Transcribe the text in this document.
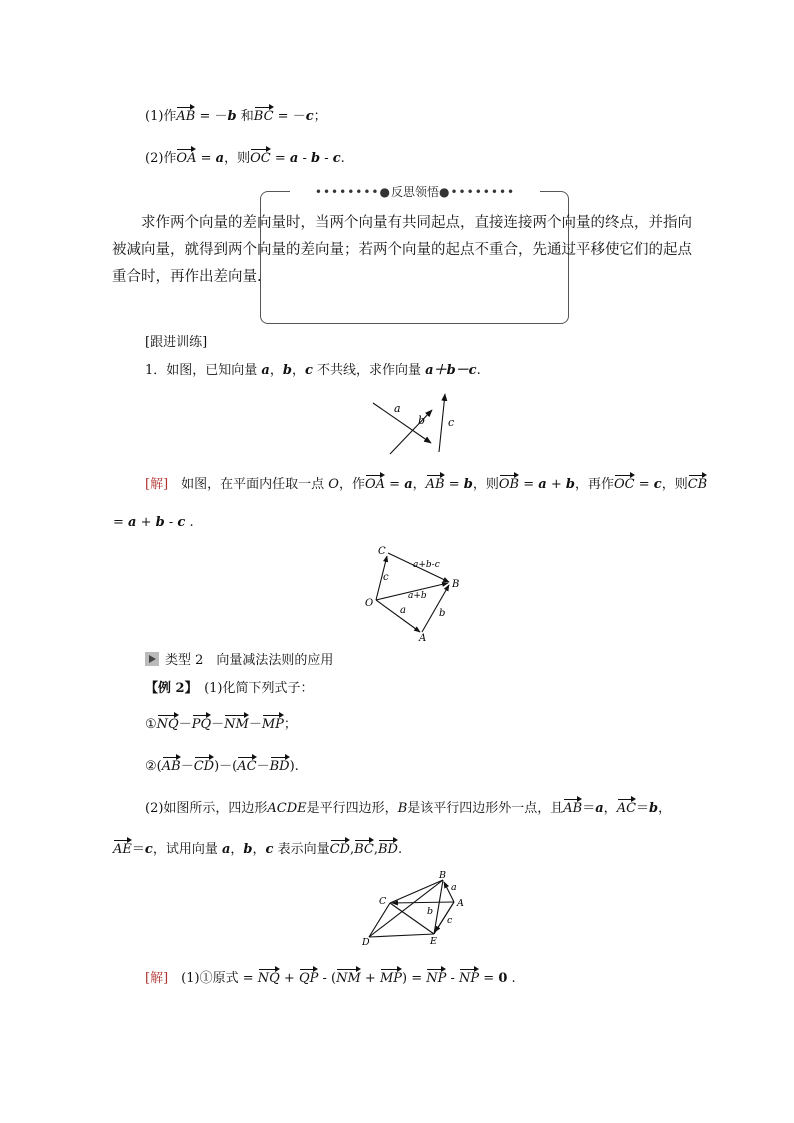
(1)作AB = －b 和BC = －c；
(2)作OA = a，则OC = a - b - c.
••••••••●反思领悟●••••••••
求作两个向量的差向量时，当两个向量有共同起点，直接连接两个向量的终点，并指向被减向量，就得到两个向量的差向量；若两个向量的起点不重合，先通过平移使它们的起点重合时，再作出差向量.
[跟进训练]
1．如图，已知向量 a，b，c 不共线，求作向量 a＋b－c.
a
b c
[解]　如图，在平面内任取一点 O，作OA = a，AB = b，则OB = a + b，再作OC = c，则CB
= a + b - c .
C
B
O
A
c
a+b-c
a+b
a	b
类型 2　 向量减法法则的应用
【例 2】　 (1)化简下列式子：
①NQ－PQ－NM－MP；
②(AB－CD)－(AC－BD).
(2)如图所示，四边形ACDE是平行四边形，B是该平行四边形外一点，且AB＝a，AC＝b，
AE＝c，试用向量 a，b，c 表示向量CD,BC,BD.
B
C	A
D	E
a
b
c
[解]　(1)①原式 = NQ + QP - (NM + MP) = NP - NP = 0 .
